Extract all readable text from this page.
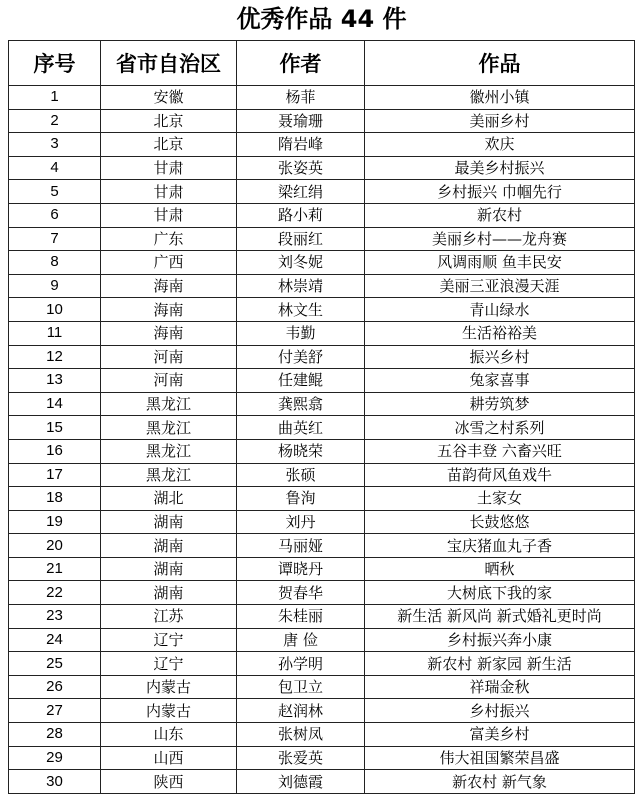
优秀作品 44 件
序号	省市自治区	作者	作品
1	安徽	杨菲	徽州小镇
2	北京	聂瑜珊	美丽乡村
3	北京	隋岩峰	欢庆
4	甘肃	张姿英	最美乡村振兴
5	甘肃	梁红绢	乡村振兴 巾帼先行
6	甘肃	路小莉	新农村
7	广东	段丽红	美丽乡村——龙舟赛
8	广西	刘冬妮	风调雨顺 鱼丰民安
9	海南	林崇靖	美丽三亚浪漫天涯
10	海南	林文生	青山绿水
11	海南	韦勤	生活裕裕美
12	河南	付美舒	振兴乡村
13	河南	任建鲲	兔家喜事
14	黑龙江	龚熙翕	耕劳筑梦
15	黑龙江	曲英红	冰雪之村系列
16	黑龙江	杨晓荣	五谷丰登 六畜兴旺
17	黑龙江	张硕	苗韵荷风鱼戏牛
18	湖北	鲁洵	土家女
19	湖南	刘丹	长鼓悠悠
20	湖南	马丽娅	宝庆猪血丸子香
21	湖南	谭晓丹	晒秋
22	湖南	贺春华	大树底下我的家
23	江苏	朱桂丽	新生活 新风尚 新式婚礼更时尚
24	辽宁	唐 俭	乡村振兴奔小康
25	辽宁	孙学明	新农村 新家园 新生活
26	内蒙古	包卫立	祥瑞金秋
27	内蒙古	赵润林	乡村振兴
28	山东	张树凤	富美乡村
29	山西	张爱英	伟大祖国繁荣昌盛
30	陕西	刘德霞	新农村 新气象
